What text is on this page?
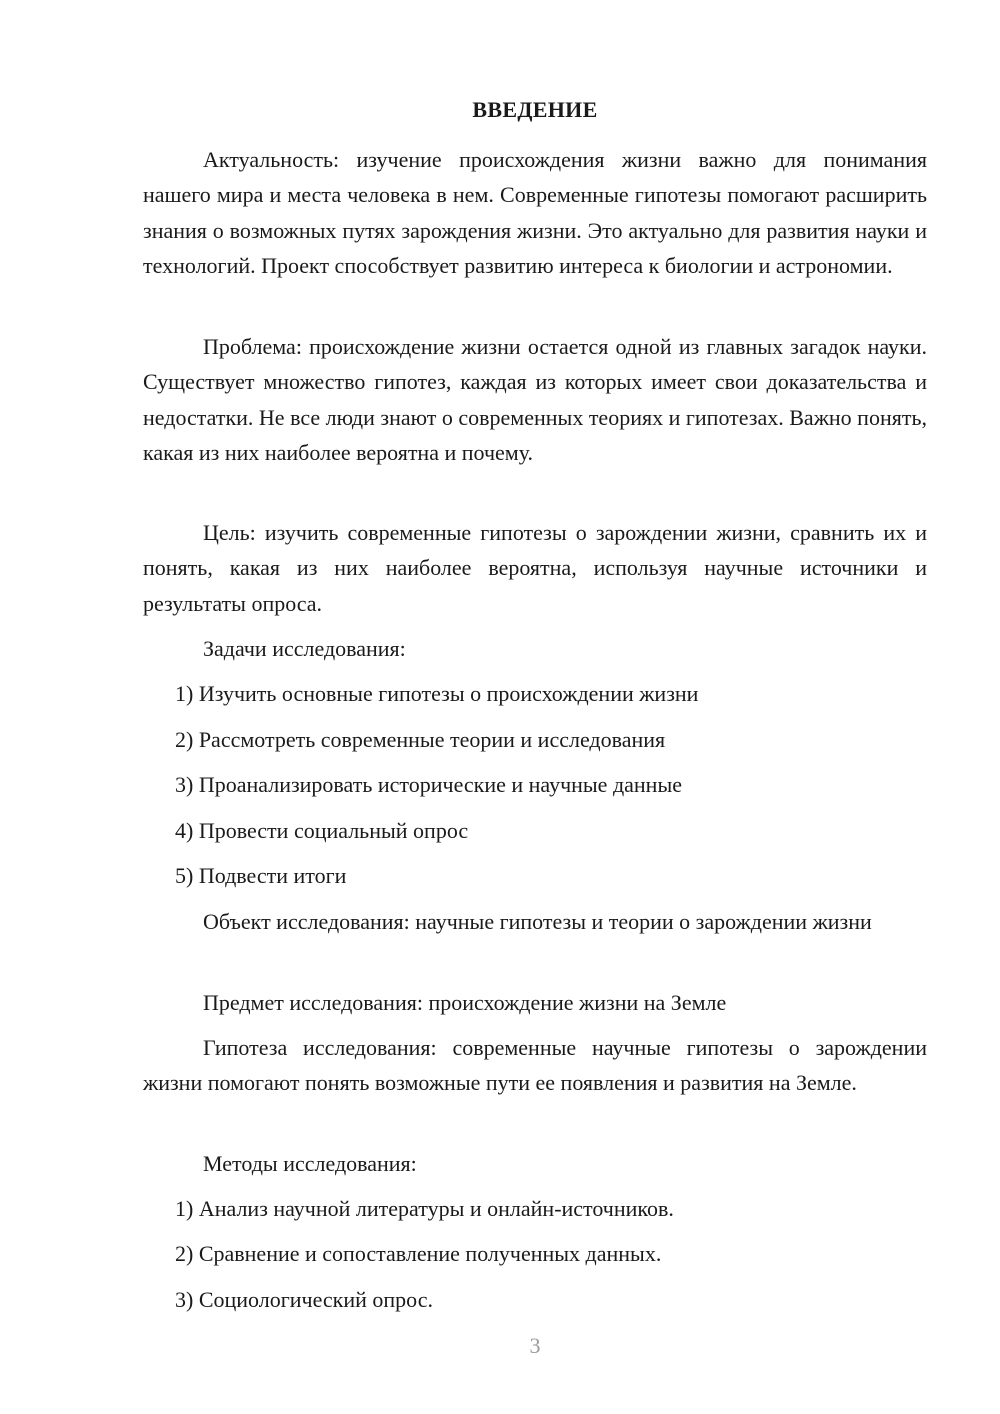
ВВЕДЕНИЕ

Актуальность: изучение происхождения жизни важно для понимания нашего мира и места человека в нем. Современные гипотезы помогают расширить знания о возможных путях зарождения жизни. Это актуально для развития науки и технологий. Проект способствует развитию интереса к биологии и астрономии.

Проблема: происхождение жизни остается одной из главных загадок науки. Существует множество гипотез, каждая из которых имеет свои доказательства и недостатки. Не все люди знают о современных теориях и гипотезах. Важно понять, какая из них наиболее вероятна и почему.

Цель: изучить современные гипотезы о зарождении жизни, сравнить их и понять, какая из них наиболее вероятна, используя научные источники и результаты опроса.

Задачи исследования:

1) Изучить основные гипотезы о происхождении жизни

2) Рассмотреть современные теории и исследования

3) Проанализировать исторические и научные данные

4) Провести социальный опрос

5) Подвести итоги

Объект исследования: научные гипотезы и теории о зарождении жизни

Предмет исследования: происхождение жизни на Земле

Гипотеза исследования: современные научные гипотезы о зарождении жизни помогают понять возможные пути ее появления и развития на Земле.

Методы исследования:

1) Анализ научной литературы и онлайн-источников.

2) Сравнение и сопоставление полученных данных.

3) Социологический опрос.

3
